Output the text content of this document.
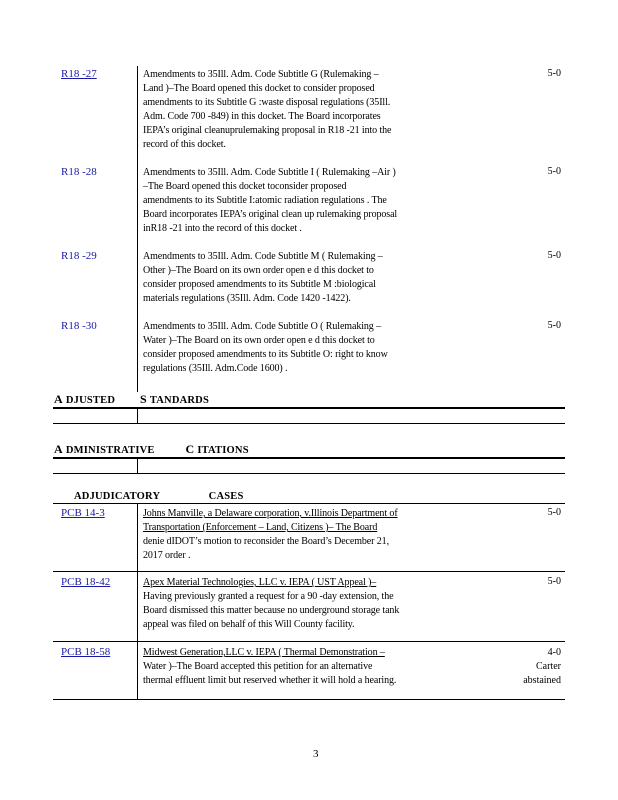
R18 -27	Amendments to 35Ill. Adm. Code Subtitle G (Rulemaking –
Land )–The Board opened this docket to consider proposed
amendments to its Subtitle G :waste disposal regulations (35Ill.
Adm. Code 700 -849) in this docket. The Board incorporates
IEPA’s original cleanuprulemaking proposal in R18 -21 into the
record of this docket.
5-0
R18 -28	Amendments to 35Ill. Adm. Code Subtitle I ( Rulemaking –Air )
–The Board opened this docket toconsider proposed
amendments to its Subtitle I:atomic radiation regulations . The
Board incorporates IEPA’s original clean up rulemaking proposal
inR18 -21 into the record of this docket .
5-0
R18 -29	Amendments to 35Ill. Adm. Code Subtitle M ( Rulemaking –
Other )–The Board on its own order open e d this docket to
consider proposed amendments to its Subtitle M :biological
materials regulations (35Ill. Adm. Code 1420 -1422).
5-0
R18 -30	Amendments to 35Ill. Adm. Code Subtitle O ( Rulemaking –
Water )–The Board on its own order open e d this docket to
consider proposed amendments to its Subtitle O: right to know
regulations (35Ill. Adm.Code 1600) .
5-0
A DJUSTED S TANDARDS
A DMINISTRATIVE	C ITATIONS
ADJUDICATORY	CASES
PCB 14-3	Johns Manville, a Delaware corporation, v.Illinois Department of
Transportation (Enforcement – Land, Citizens )– The Board
denie dIDOT’s motion to reconsider the Board’s December 21,
2017 order .
5-0
PCB 18-42	Apex Material Technologies, LLC v. IEPA ( UST Appeal )–
Having previously granted a request for a 90 -day extension, the
Board dismissed this matter because no underground storage tank
appeal was filed on behalf of this Will County facility.
5-0
PCB 18-58	Midwest Generation,LLC v. IEPA ( Thermal Demonstration –
Water )–The Board accepted this petition for an alternative
thermal effluent limit but reserved whether it will hold a hearing.
4-0
Carter
abstained
3
